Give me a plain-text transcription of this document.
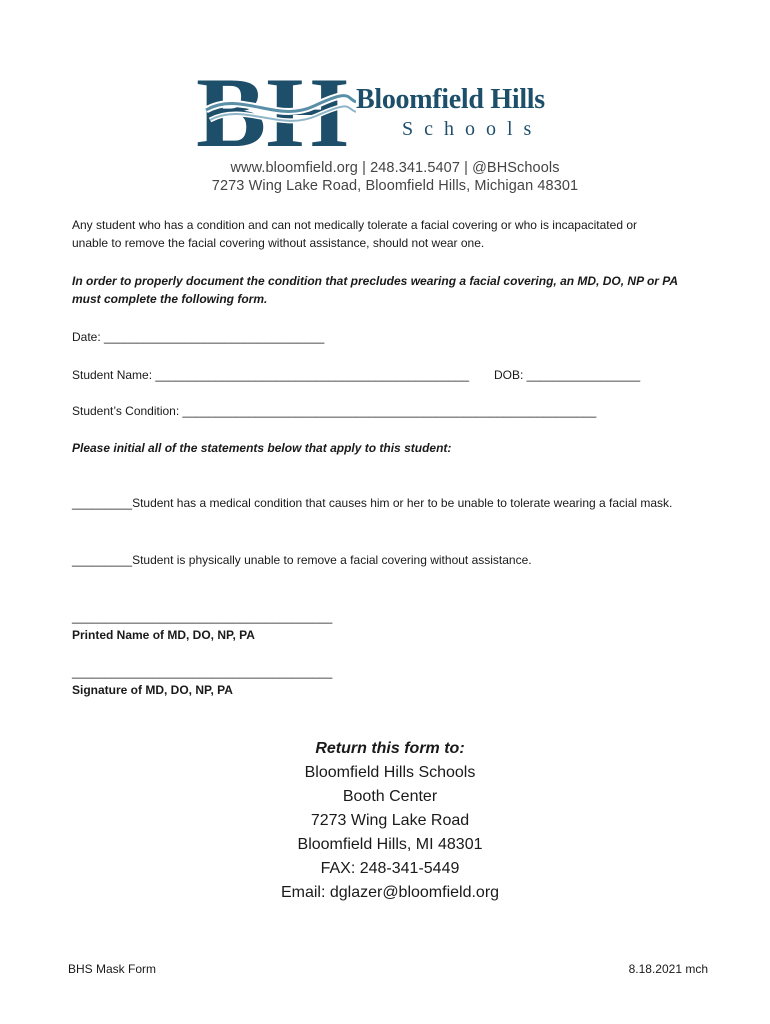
BH Bloomfield Hills
Schools
www.bloomfield.org | 248.341.5407 | @BHSchools
7273 Wing Lake Road, Bloomfield Hills, Michigan 48301
Any student who has a condition and can not medically tolerate a facial covering or who is incapacitated or
unable to remove the facial covering without assistance, should not wear one.
In order to properly document the condition that precludes wearing a facial covering, an MD, DO, NP or PA
must complete the following form.
Date: _________________________________
Student Name: _______________________________________________ DOB: _________________
Student’s Condition: ______________________________________________________________
Please initial all of the statements below that apply to this student:
_________Student has a medical condition that causes him or her to be unable to tolerate wearing a facial mask.
_________Student is physically unable to remove a facial covering without assistance.
_______________________________________
Printed Name of MD, DO, NP, PA
_______________________________________
Signature of MD, DO, NP, PA
Return this form to:
Bloomfield Hills Schools
Booth Center
7273 Wing Lake Road
Bloomfield Hills, MI 48301
FAX: 248-341-5449
Email: dglazer@bloomfield.org
BHS Mask Form	8.18.2021 mch
